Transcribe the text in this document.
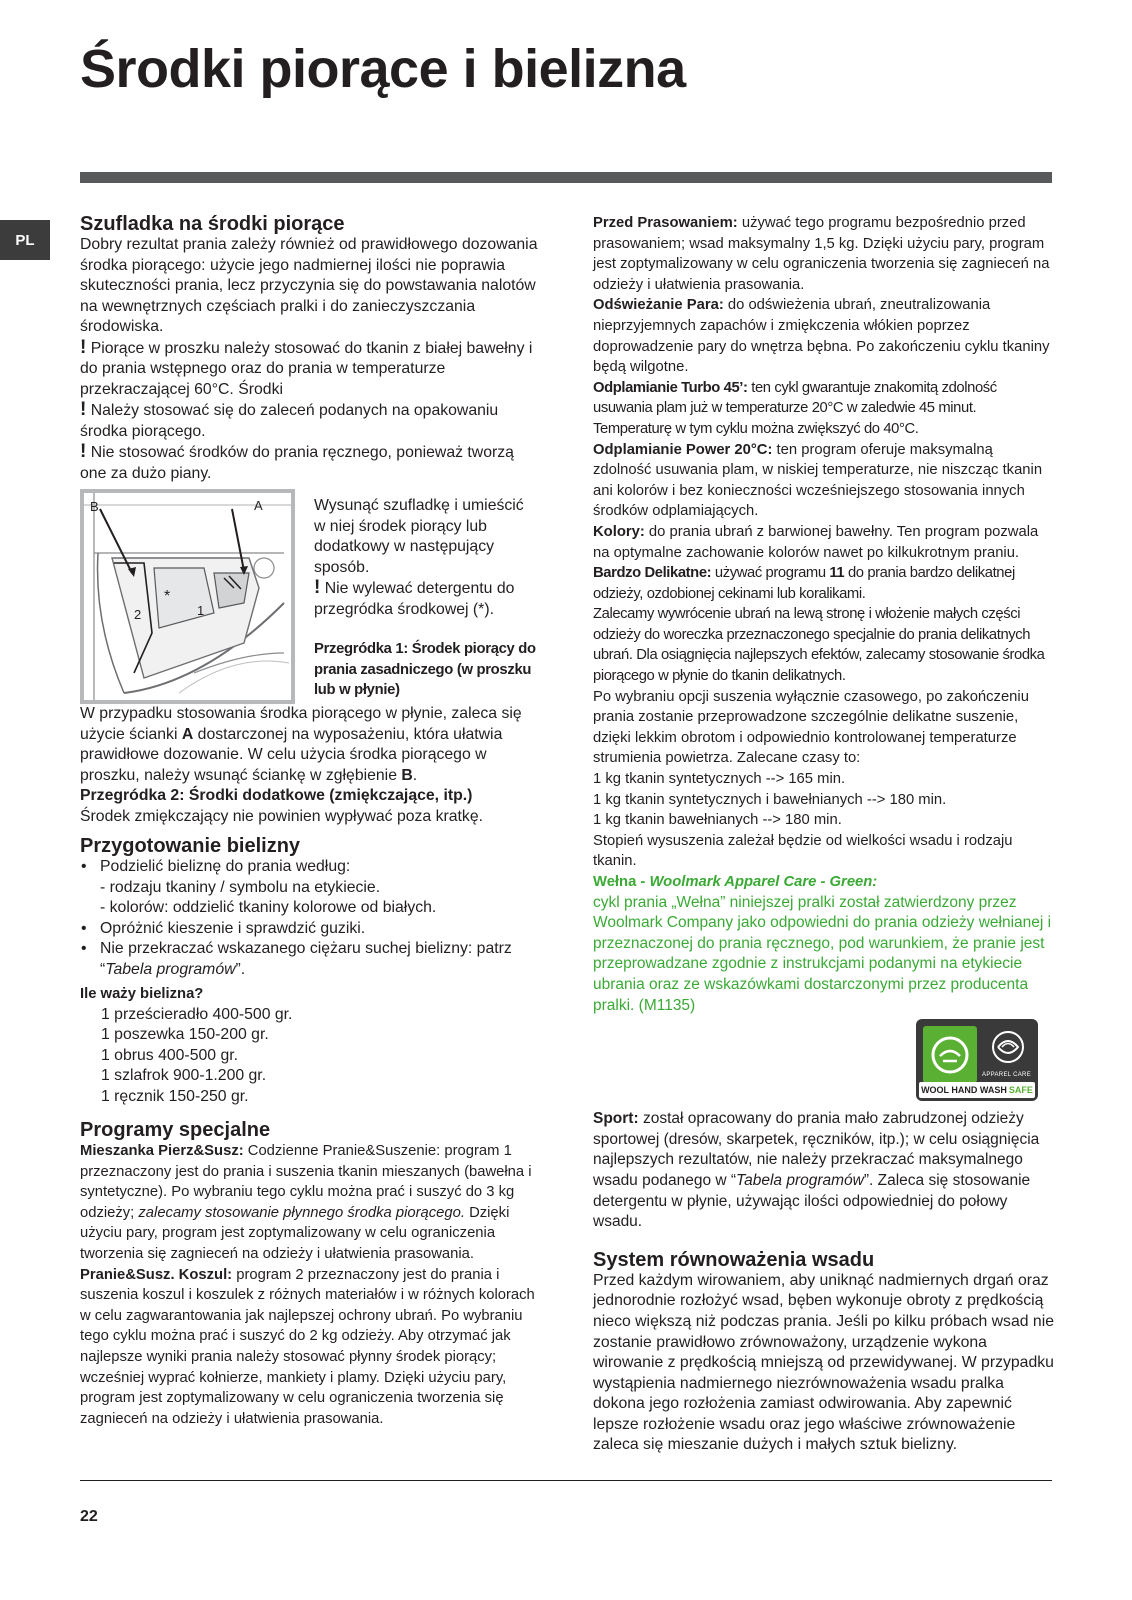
Środki piorące i bielizna
PL
Szufladka na środki piorące

Dobry rezultat prania zależy również od prawidłowego dozowania środka piorącego: użycie jego nadmiernej ilości nie poprawia skuteczności prania, lecz przyczynia się do powstawania nalotów na wewnętrznych częściach pralki i do zanieczyszczania środowiska.

! Piorące w proszku należy stosować do tkanin z białej bawełny i do prania wstępnego oraz do prania w temperaturze przekraczającej 60°C. Środki

! Należy stosować się do zaleceń podanych na opakowaniu środka piorącego.

! Nie stosować środków do prania ręcznego, ponieważ tworzą one za dużo piany.

B	A
1
2
*

Wysunąć szufladkę i umieścić w niej środek piorący lub dodatkowy w następujący sposób.

! Nie wylewać detergentu do przegródka środkowej (*).

Przegródka 1: Środek piorący do prania zasadniczego (w proszku lub w płynie)

W przypadku stosowania środka piorącego w płynie, zaleca się użycie ścianki A dostarczonej na wyposażeniu, która ułatwia prawidłowe dozowanie. W celu użycia środka piorącego w proszku, należy wsunąć ściankę w zgłębienie B.

Przegródka 2: Środki dodatkowe (zmiękczające, itp.)

Środek zmiękczający nie powinien wypływać poza kratkę.

Przygotowanie bielizny
• Podzielić bieliznę do prania według:
- rodzaju tkaniny / symbolu na etykiecie.
- kolorów: oddzielić tkaniny kolorowe od białych.
• Opróżnić kieszenie i sprawdzić guziki.
• Nie przekraczać wskazanego ciężaru suchej bielizny: patrz “Tabela programów”.

Ile waży bielizna?

1 prześcieradło 400-500 gr.

1 poszewka 150-200 gr.

1 obrus 400-500 gr.

1 szlafrok 900-1.200 gr.

1 ręcznik 150-250 gr.

Programy specjalne

Mieszanka Pierz&Susz: Codzienne Pranie&Suszenie: program 1 przeznaczony jest do prania i suszenia tkanin mieszanych (bawełna i syntetyczne). Po wybraniu tego cyklu można prać i suszyć do 3 kg odzieży; zalecamy stosowanie płynnego środka piorącego. Dzięki użyciu pary, program jest zoptymalizowany w celu ograniczenia tworzenia się zagnieceń na odzieży i ułatwienia prasowania.

Pranie&Susz. Koszul: program 2 przeznaczony jest do prania i suszenia koszul i koszulek z różnych materiałów i w różnych kolorach w celu zagwarantowania jak najlepszej ochrony ubrań. Po wybraniu tego cyklu można prać i suszyć do 2 kg odzieży. Aby otrzymać jak najlepsze wyniki prania należy stosować płynny środek piorący; wcześniej wyprać kołnierze, mankiety i plamy. Dzięki użyciu pary, program jest zoptymalizowany w celu ograniczenia tworzenia się zagnieceń na odzieży i ułatwienia prasowania.

Przed Prasowaniem: używać tego programu bezpośrednio przed prasowaniem; wsad maksymalny 1,5 kg. Dzięki użyciu pary, program jest zoptymalizowany w celu ograniczenia tworzenia się zagnieceń na odzieży i ułatwienia prasowania.

Odświeżanie Para: do odświeżenia ubrań, zneutralizowania nieprzyjemnych zapachów i zmiękczenia włókien poprzez doprowadzenie pary do wnętrza bębna. Po zakończeniu cyklu tkaniny będą wilgotne.

Odplamianie Turbo 45’: ten cykl gwarantuje znakomitą zdolność usuwania plam już w temperaturze 20°C w zaledwie 45 minut. Temperaturę w tym cyklu można zwiększyć do 40°C.

Odplamianie Power 20°C: ten program oferuje maksymalną zdolność usuwania plam, w niskiej temperaturze, nie niszcząc tkanin ani kolorów i bez konieczności wcześniejszego stosowania innych środków odplamiających.

Kolory: do prania ubrań z barwionej bawełny. Ten program pozwala na optymalne zachowanie kolorów nawet po kilkukrotnym praniu.

Bardzo Delikatne: używać programu 11 do prania bardzo delikatnej odzieży, ozdobionej cekinami lub koralikami.

Zalecamy wywrócenie ubrań na lewą stronę i włożenie małych części odzieży do woreczka przeznaczonego specjalnie do prania delikatnych ubrań. Dla osiągnięcia najlepszych efektów, zalecamy stosowanie środka piorącego w płynie do tkanin delikatnych.

Po wybraniu opcji suszenia wyłącznie czasowego, po zakończeniu prania zostanie przeprowadzone szczególnie delikatne suszenie, dzięki lekkim obrotom i odpowiednio kontrolowanej temperaturze strumienia powietrza. Zalecane czasy to:

1 kg tkanin syntetycznych --> 165 min.

1 kg tkanin syntetycznych i bawełnianych --> 180 min.

1 kg tkanin bawełnianych --> 180 min.

Stopień wysuszenia zależał będzie od wielkości wsadu i rodzaju tkanin.

Wełna - Woolmark Apparel Care - Green:

cykl prania „Wełna” niniejszej pralki został zatwierdzony przez Woolmark Company jako odpowiedni do prania odzieży wełnianej i przeznaczonej do prania ręcznego, pod warunkiem, że pranie jest przeprowadzane zgodnie z instrukcjami podanymi na etykiecie ubrania oraz ze wskazówkami dostarczonymi przez producenta pralki. (M1135)

APPAREL CARE
WOOL HAND WASH SAFE

Sport: został opracowany do prania mało zabrudzonej odzieży sportowej (dresów, skarpetek, ręczników, itp.); w celu osiągnięcia najlepszych rezultatów, nie należy przekraczać maksymalnego wsadu podanego w “Tabela programów”. Zaleca się stosowanie detergentu w płynie, używając ilości odpowiedniej do połowy wsadu.

System równoważenia wsadu

Przed każdym wirowaniem, aby uniknąć nadmiernych drgań oraz jednorodnie rozłożyć wsad, bęben wykonuje obroty z prędkością nieco większą niż podczas prania. Jeśli po kilku próbach wsad nie zostanie prawidłowo zrównoważony, urządzenie wykona wirowanie z prędkością mniejszą od przewidywanej. W przypadku wystąpienia nadmiernego niezrównoważenia wsadu pralka dokona jego rozłożenia zamiast odwirowania. Aby zapewnić lepsze rozłożenie wsadu oraz jego właściwe zrównoważenie zaleca się mieszanie dużych i małych sztuk bielizny.

22
